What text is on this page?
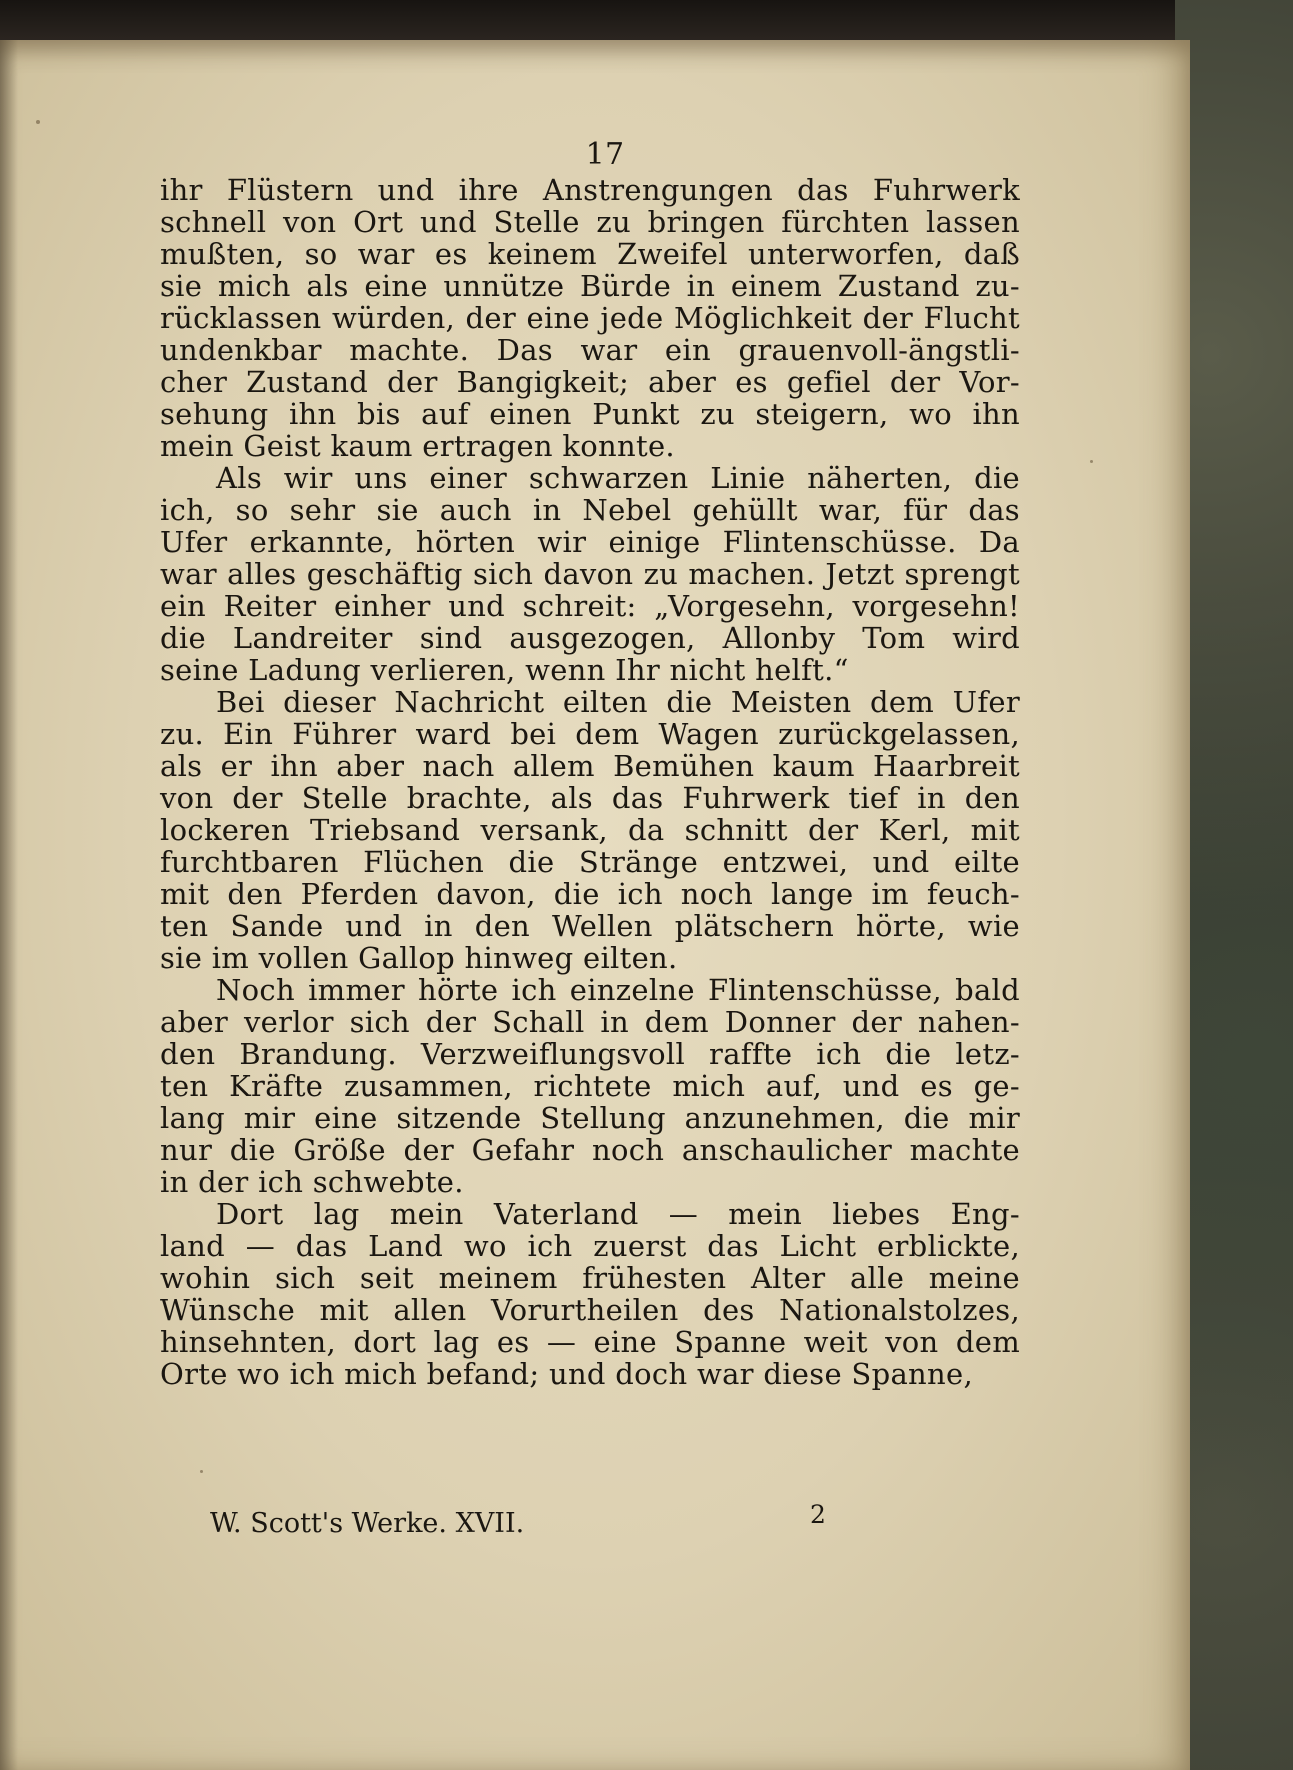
17
ihr Flüstern und ihre Anstrengungen das Fuhrwerk
schnell von Ort und Stelle zu bringen fürchten lassen
mußten, so war es keinem Zweifel unterworfen, daß
sie mich als eine unnütze Bürde in einem Zustand zu-
rücklassen würden, der eine jede Möglichkeit der Flucht
undenkbar machte. Das war ein grauenvoll-ängstli-
cher Zustand der Bangigkeit; aber es gefiel der Vor-
sehung ihn bis auf einen Punkt zu steigern, wo ihn
mein Geist kaum ertragen konnte.
Als wir uns einer schwarzen Linie näherten, die
ich, so sehr sie auch in Nebel gehüllt war, für das
Ufer erkannte, hörten wir einige Flintenschüsse. Da
war alles geschäftig sich davon zu machen. Jetzt sprengt
ein Reiter einher und schreit: „Vorgesehn, vorgesehn!
die Landreiter sind ausgezogen, Allonby Tom wird
seine Ladung verlieren, wenn Ihr nicht helft.“
Bei dieser Nachricht eilten die Meisten dem Ufer
zu. Ein Führer ward bei dem Wagen zurückgelassen,
als er ihn aber nach allem Bemühen kaum Haarbreit
von der Stelle brachte, als das Fuhrwerk tief in den
lockeren Triebsand versank, da schnitt der Kerl, mit
furchtbaren Flüchen die Stränge entzwei, und eilte
mit den Pferden davon, die ich noch lange im feuch-
ten Sande und in den Wellen plätschern hörte, wie
sie im vollen Gallop hinweg eilten.
Noch immer hörte ich einzelne Flintenschüsse, bald
aber verlor sich der Schall in dem Donner der nahen-
den Brandung. Verzweiflungsvoll raffte ich die letz-
ten Kräfte zusammen, richtete mich auf, und es ge-
lang mir eine sitzende Stellung anzunehmen, die mir
nur die Größe der Gefahr noch anschaulicher machte
in der ich schwebte.
Dort lag mein Vaterland — mein liebes Eng-
land — das Land wo ich zuerst das Licht erblickte,
wohin sich seit meinem frühesten Alter alle meine
Wünsche mit allen Vorurtheilen des Nationalstolzes,
hinsehnten, dort lag es — eine Spanne weit von dem
Orte wo ich mich befand; und doch war diese Spanne,
W. Scott's Werke. XVII.	2
